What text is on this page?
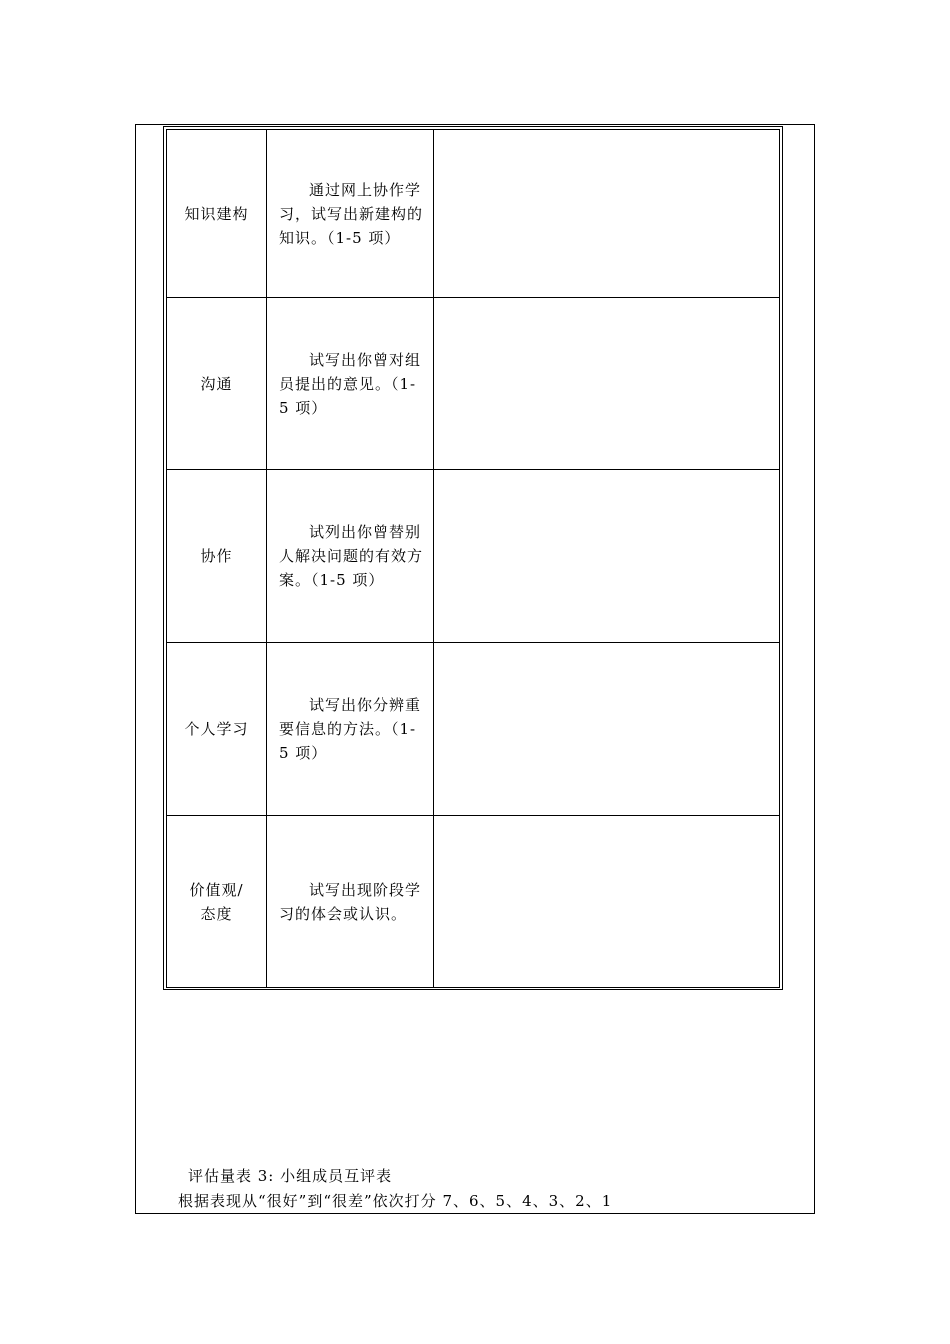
知识建构	通过网上协作学习，试写出新建构的知识。（1-5 项）	

沟通	试写出你曾对组员提出的意见。（1-5 项）	

协作	试列出你曾替别人解决问题的有效方案。（1-5 项）	

个人学习	试写出你分辨重要信息的方法。（1-5 项）	

价值观/态度	试写出现阶段学习的体会或认识。	

评估量表 3: 小组成员互评表
根据表现从“很好”到“很差”依次打分 7、6、5、4、3、2、1
